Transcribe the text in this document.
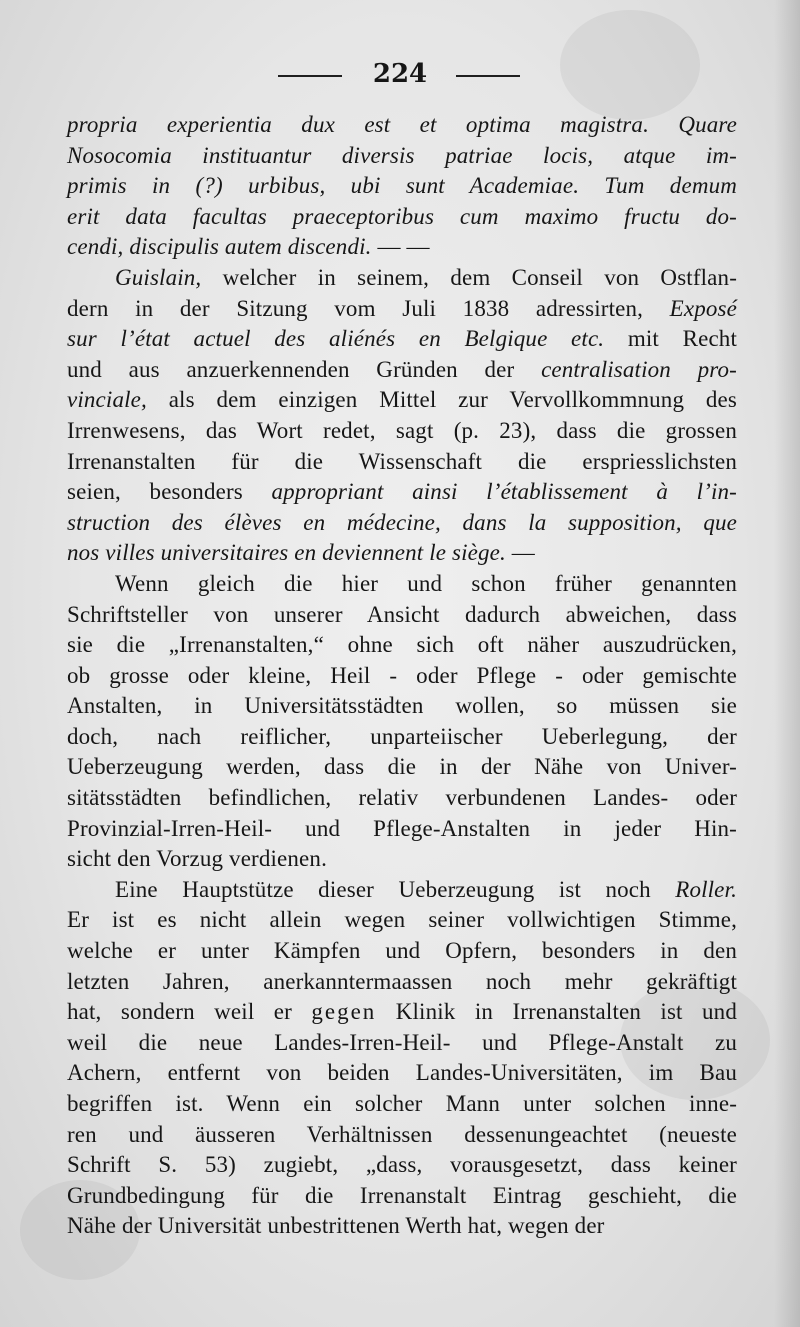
224
propria experientia dux est et optima magistra. Quare
Nosocomia instituantur diversis patriae locis, atque im-
primis in (?) urbibus, ubi sunt Academiae. Tum demum
erit data facultas praeceptoribus cum maximo fructu do-
cendi, discipulis autem discendi. — —
Guislain, welcher in seinem, dem Conseil von Ostflan-
dern in der Sitzung vom Juli 1838 adressirten, Exposé
sur l’état actuel des aliénés en Belgique etc. mit Recht
und aus anzuerkennenden Gründen der centralisation pro-
vinciale, als dem einzigen Mittel zur Vervollkommnung des
Irrenwesens, das Wort redet, sagt (p. 23), dass die grossen
Irrenanstalten für die Wissenschaft die erspriesslichsten
seien, besonders appropriant ainsi l’établissement à l’in-
struction des élèves en médecine, dans la supposition, que
nos villes universitaires en deviennent le siège. —
Wenn gleich die hier und schon früher genannten
Schriftsteller von unserer Ansicht dadurch abweichen, dass
sie die „Irrenanstalten,“ ohne sich oft näher auszudrücken,
ob grosse oder kleine, Heil - oder Pflege - oder gemischte
Anstalten, in Universitätsstädten wollen, so müssen sie
doch, nach reiflicher, unparteiischer Ueberlegung, der
Ueberzeugung werden, dass die in der Nähe von Univer-
sitätsstädten befindlichen, relativ verbundenen Landes- oder
Provinzial-Irren-Heil- und Pflege-Anstalten in jeder Hin-
sicht den Vorzug verdienen.
Eine Hauptstütze dieser Ueberzeugung ist noch Roller.
Er ist es nicht allein wegen seiner vollwichtigen Stimme,
welche er unter Kämpfen und Opfern, besonders in den
letzten Jahren, anerkanntermaassen noch mehr gekräftigt
hat, sondern weil er gegen Klinik in Irrenanstalten ist und
weil die neue Landes-Irren-Heil- und Pflege-Anstalt zu
Achern, entfernt von beiden Landes-Universitäten, im Bau
begriffen ist. Wenn ein solcher Mann unter solchen inne-
ren und äusseren Verhältnissen dessenungeachtet (neueste
Schrift S. 53) zugiebt, „dass, vorausgesetzt, dass keiner
Grundbedingung für die Irrenanstalt Eintrag geschieht, die
Nähe der Universität unbestrittenen Werth hat, wegen der
